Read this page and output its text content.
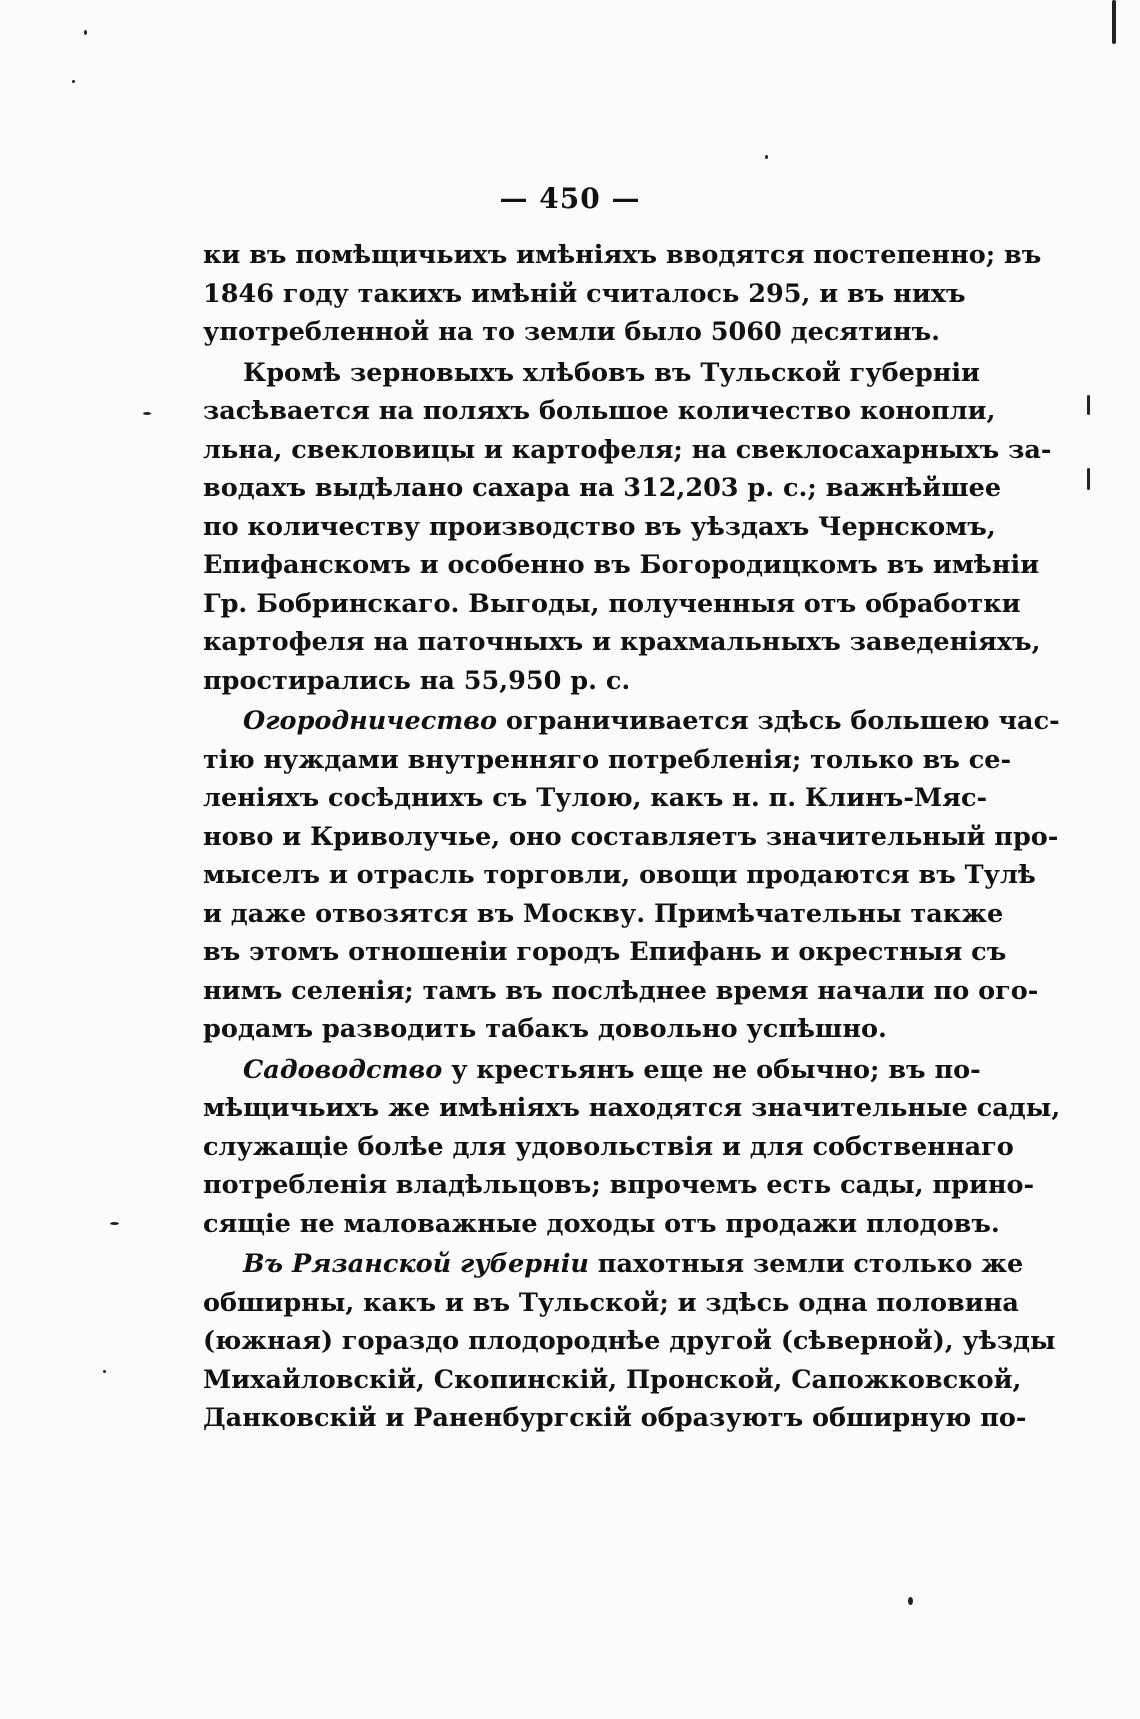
— 450 —
ки въ помѣщичьихъ имѣніяхъ вводятся постепенно; въ
1846 году такихъ имѣній считалось 295, и въ нихъ
употребленной на то земли было 5060 десятинъ.
Кромѣ зерновыхъ хлѣбовъ въ Тульской губерніи
засѣвается на поляхъ большое количество конопли,
льна, свекловицы и картофеля; на свеклосахарныхъ за-
водахъ выдѣлано сахара на 312,203 р. с.; важнѣйшее
по количеству производство въ уѣздахъ Чернскомъ,
Епифанскомъ и особенно въ Богородицкомъ въ имѣніи
Гр. Бобринскаго. Выгоды, полученныя отъ обработки
картофеля на паточныхъ и крахмальныхъ заведеніяхъ,
простирались на 55,950 р. с.
Огородничество ограничивается здѣсь большею час-
тію нуждами внутренняго потребленія; только въ се-
леніяхъ сосѣднихъ съ Тулою, какъ н. п. Клинъ-Мяс-
ново и Криволучье, оно составляетъ значительный про-
мыселъ и отрасль торговли, овощи продаются въ Тулѣ
и даже отвозятся въ Москву. Примѣчательны также
въ этомъ отношеніи городъ Епифань и окрестныя съ
нимъ селенія; тамъ въ послѣднее время начали по ого-
родамъ разводить табакъ довольно успѣшно.
Садоводство у крестьянъ еще не обычно; въ по-
мѣщичьихъ же имѣніяхъ находятся значительные сады,
служащіе болѣе для удовольствія и для собственнаго
потребленія владѣльцовъ; впрочемъ есть сады, прино-
сящіе не маловажные доходы отъ продажи плодовъ.
Въ Рязанской губерніи пахотныя земли столько же
обширны, какъ и въ Тульской; и здѣсь одна половина
(южная) гораздо плодороднѣе другой (сѣверной), уѣзды
Михайловскій, Скопинскій, Пронской, Сапожковской,
Данковскій и Раненбургскій образуютъ обширную по-
